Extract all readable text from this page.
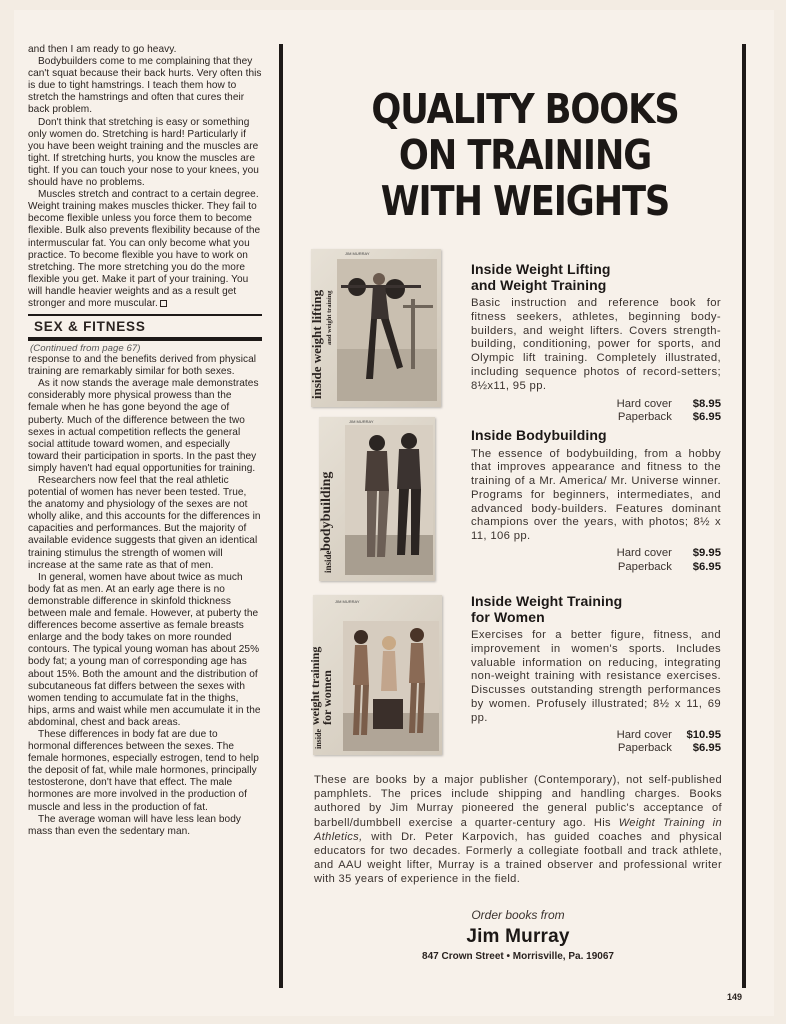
and then I am ready to go heavy.

Bodybuilders come to me complaining that they can't squat because their back hurts. Very often this is due to tight hamstrings. I teach them how to stretch the hamstrings and often that cures their back problem.

Don't think that stretching is easy or something only women do. Stretching is hard! Particularly if you have been weight training and the muscles are tight. If stretching hurts, you know the muscles are tight. If you can touch your nose to your knees, you should have no problems.

Muscles stretch and contract to a certain degree. Weight training makes muscles thicker. They fail to become flexible unless you force them to become flexible. Bulk also prevents flexibility because of the intermuscular fat. You can only become what you practice. To become flexible you have to work on stretching. The more stretching you do the more flexible you get. Make it part of your training. You will handle heavier weights and as a result get stronger and more muscular.

SEX & FITNESS
(Continued from page 67)

response to and the benefits derived from physical training are remarkably similar for both sexes.

As it now stands the average male demonstrates considerably more physical prowess than the female when he has gone beyond the age of puberty. Much of the difference between the two sexes in actual competition reflects the general social attitude toward women, and especially toward their participation in sports. In the past they simply haven't had equal opportunities for training.

Researchers now feel that the real athletic potential of women has never been tested. True, the anatomy and physiology of the sexes are not wholly alike, and this accounts for the differences in capacities and performances. But the majority of available evidence suggests that given an identical training stimulus the strength of women will increase at the same rate as that of men.

In general, women have about twice as much body fat as men. At an early age there is no demonstrable difference in skinfold thickness between male and female. However, at puberty the differences become assertive as female breasts enlarge and the body takes on more rounded contours. The typical young woman has about 25% body fat; a young man of corresponding age has about 15%. Both the amount and the distribution of subcutaneous fat differs between the sexes with women tending to accumulate fat in the thighs, hips, arms and waist while men accumulate it in the abdominal, chest and back areas.

These differences in body fat are due to hormonal differences between the sexes. The female hormones, especially estrogen, tend to help the deposit of fat, while male hormones, principally testosterone, don't have that effect. The male hormones are more involved in the production of muscle and less in the production of fat.

The average woman will have less lean body mass than even the sedentary man.

QUALITY BOOKS
ON TRAINING
WITH WEIGHTS
JIM MURRAY
inside weight lifting and weight training
Inside Weight Lifting
and Weight Training
Basic instruction and reference book for fitness seekers, athletes, beginning body-builders, and weight lifters. Covers strength-building, conditioning, power for sports, and Olympic lift training. Completely illustrated, including sequence photos of record-setters; 8½x11, 95 pp.
Hard cover $8.95
Paperback $6.95
JIM MURRAY
bodybuilding
inside
Inside Bodybuilding
The essence of bodybuilding, from a hobby that improves appearance and fitness to the training of a Mr. America/ Mr. Universe winner. Programs for beginners, intermediates, and advanced body-builders. Features dominant champions over the years, with photos; 8½ x 11, 106 pp.
Hard cover $9.95
Paperback $6.95
JIM MURRAY
weight training
for women
inside
Inside Weight Training
for Women
Exercises for a better figure, fitness, and improvement in women's sports. Includes valuable information on reducing, integrating non-weight training with resistance exercises. Discusses outstanding strength performances by women. Profusely illustrated; 8½ x 11, 69 pp.
Hard cover $10.95
Paperback $6.95
These are books by a major publisher (Contemporary), not self-published pamphlets. The prices include shipping and handling charges. Books authored by Jim Murray pioneered the general public's acceptance of barbell/dumbbell exercise a quarter-century ago. His Weight Training in Athletics, with Dr. Peter Karpovich, has guided coaches and physical educators for two decades. Formerly a collegiate football and track athlete, and AAU weight lifter, Murray is a trained observer and professional writer with 35 years of experience in the field.
Order books from
Jim Murray
847 Crown Street • Morrisville, Pa. 19067
149
